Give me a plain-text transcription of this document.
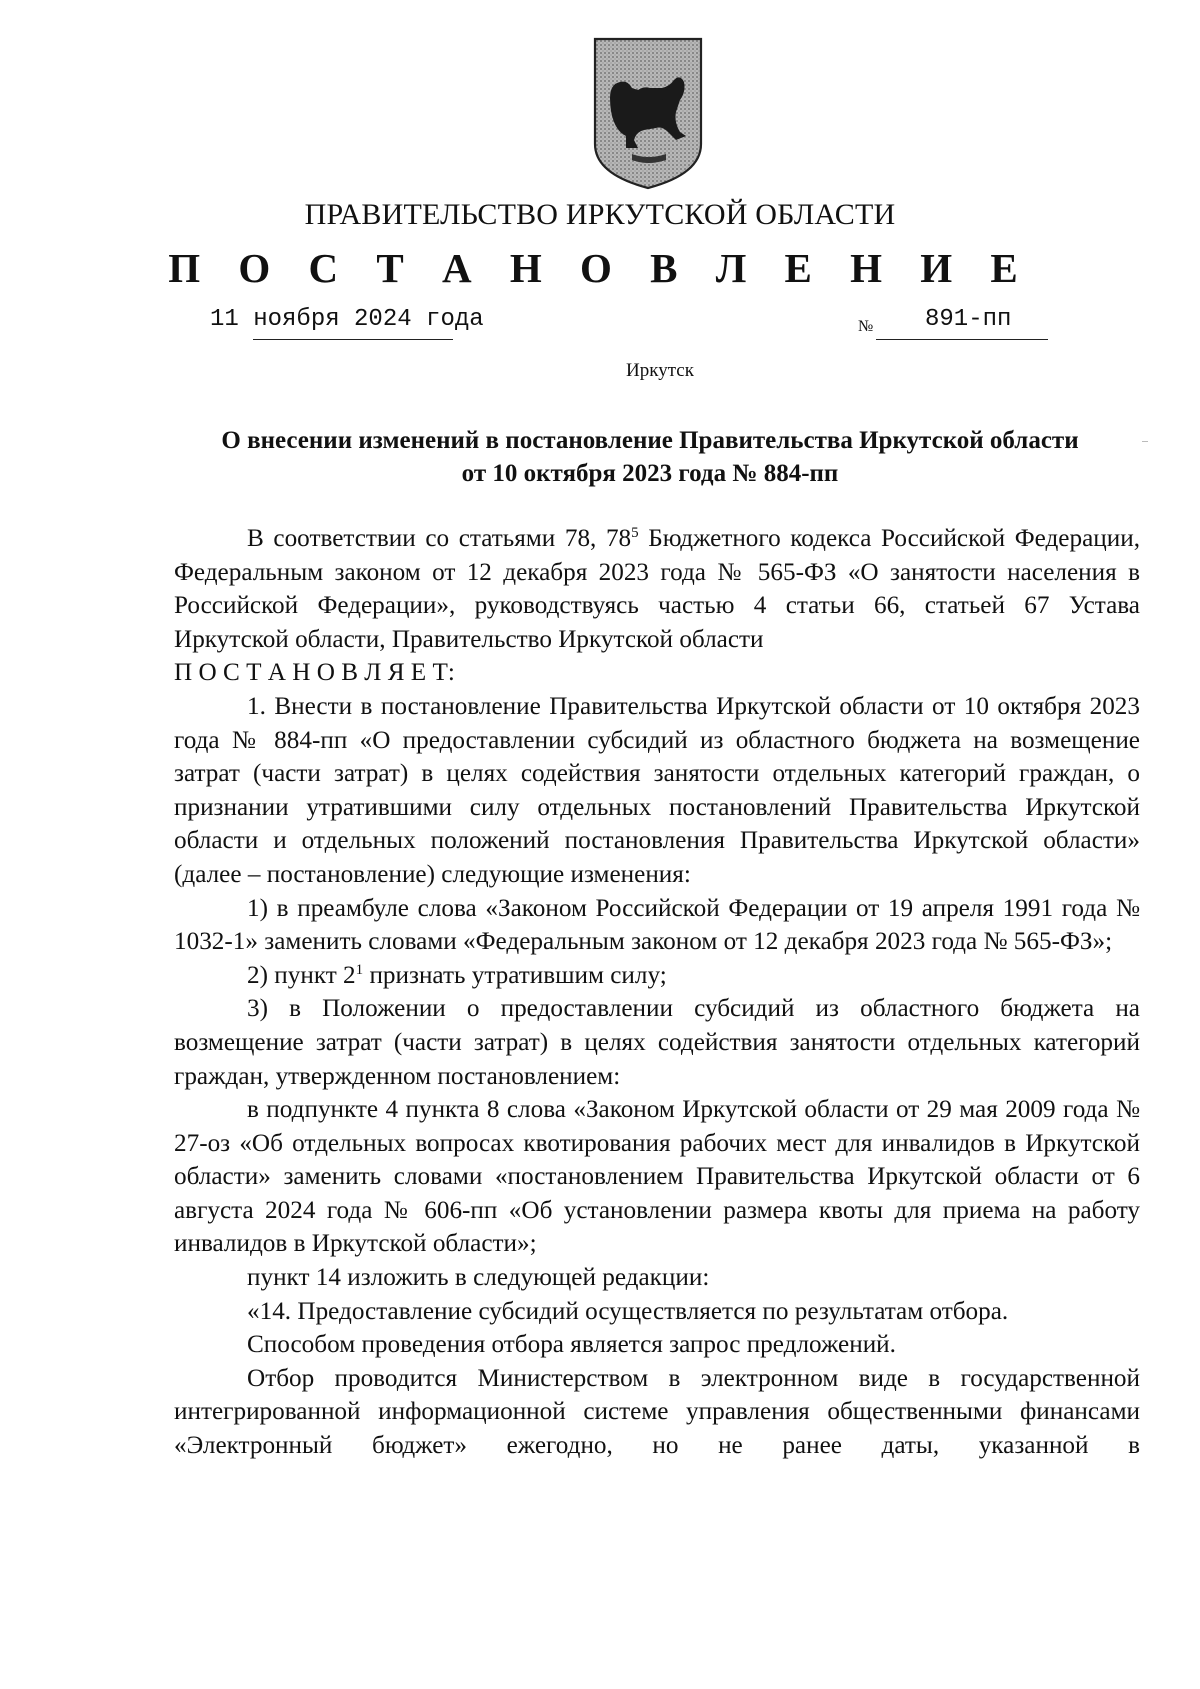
ПРАВИТЕЛЬСТВО ИРКУТСКОЙ ОБЛАСТИ
П О С Т А Н О В Л Е Н И Е
11 ноября 2024 года	№ 891-пп
Иркутск
О внесении изменений в постановление Правительства Иркутской области
от 10 октября 2023 года № 884-пп

В соответствии со статьями 78, $78^5$ Бюджетного кодекса Российской Федерации, Федеральным законом от 12 декабря 2023 года № 565-ФЗ «О занятости населения в Российской Федерации», руководствуясь частью 4 статьи 66, статьей 67 Устава Иркутской области, Правительство Иркутской области

П О С Т А Н О В Л Я Е Т:

1. Внести в постановление Правительства Иркутской области от 10 октября 2023 года № 884-пп «О предоставлении субсидий из областного бюджета на возмещение затрат (части затрат) в целях содействия занятости отдельных категорий граждан, о признании утратившими силу отдельных постановлений Правительства Иркутской области и отдельных положений постановления Правительства Иркутской области» (далее – постановление) следующие изменения:

1) в преамбуле слова «Законом Российской Федерации от 19 апреля 1991 года № 1032-1» заменить словами «Федеральным законом от 12 декабря 2023 года № 565-ФЗ»;

2) пункт $2^1$ признать утратившим силу;

3) в Положении о предоставлении субсидий из областного бюджета на возмещение затрат (части затрат) в целях содействия занятости отдельных категорий граждан, утвержденном постановлением:

в подпункте 4 пункта 8 слова «Законом Иркутской области от 29 мая 2009 года № 27-оз «Об отдельных вопросах квотирования рабочих мест для инвалидов в Иркутской области» заменить словами «постановлением Правительства Иркутской области от 6 августа 2024 года № 606-пп «Об установлении размера квоты для приема на работу инвалидов в Иркутской области»;

пункт 14 изложить в следующей редакции:

«14. Предоставление субсидий осуществляется по результатам отбора.

Способом проведения отбора является запрос предложений.

Отбор проводится Министерством в электронном виде в государственной интегрированной информационной системе управления общественными финансами «Электронный бюджет» ежегодно, но не ранее даты, указанной в
